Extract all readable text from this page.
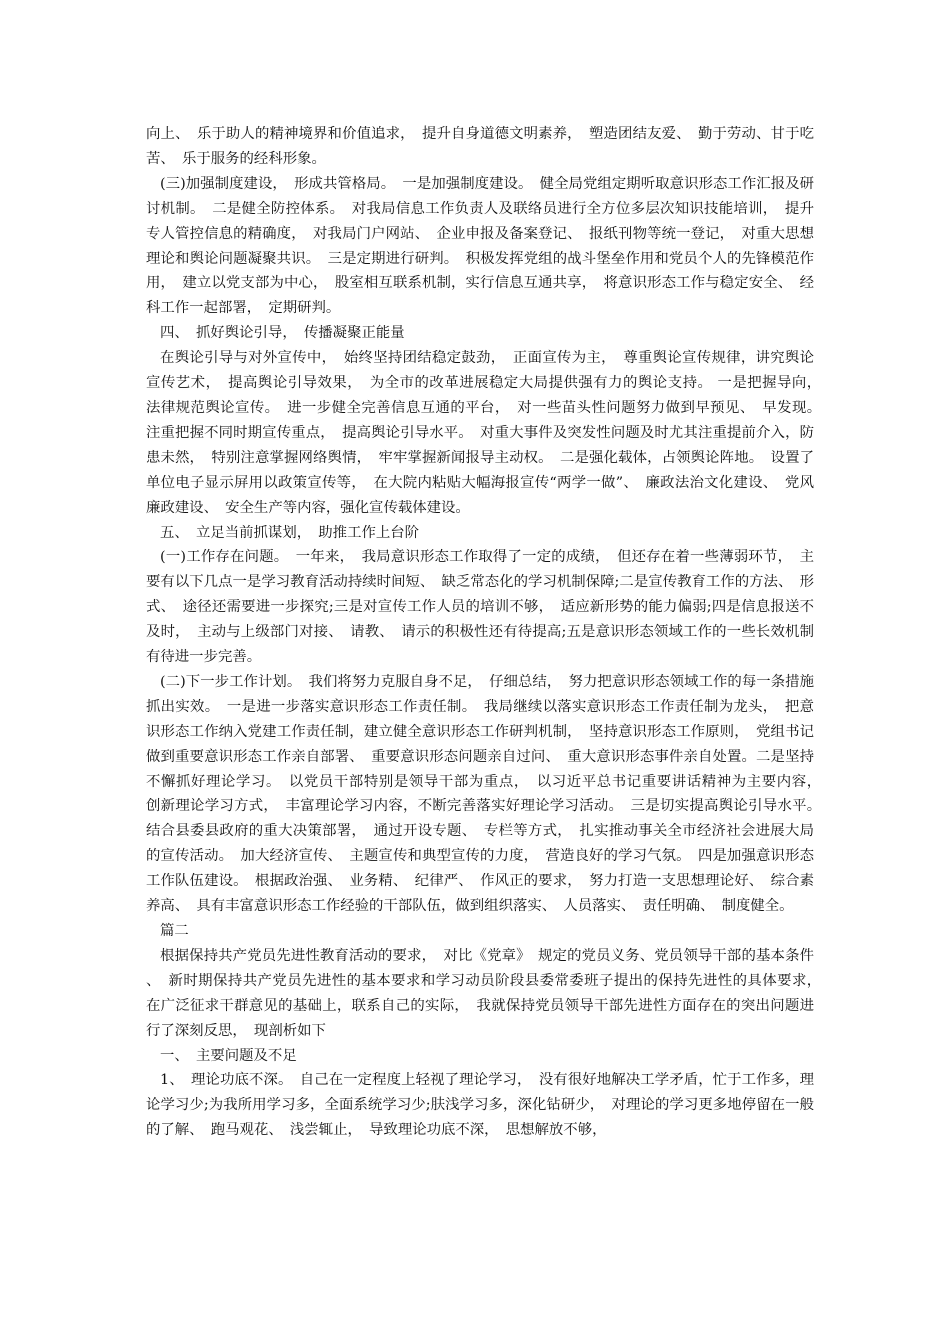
向上、　乐于助人的精神境界和价值追求，　提升自身道德文明素养，　塑造团结友爱、　勤于劳动、甘于吃苦、　乐于服务的经科形象。

(三)加强制度建设，　形成共管格局。　一是加强制度建设。　健全局党组定期听取意识形态工作汇报及研讨机制。　二是健全防控体系。　对我局信息工作负责人及联络员进行全方位多层次知识技能培训，　提升专人管控信息的精确度，　对我局门户网站、　企业申报及备案登记、　报纸刊物等统一登记，　对重大思想理论和舆论问题凝聚共识。　三是定期进行研判。　积极发挥党组的战斗堡垒作用和党员个人的先锋模范作用，　建立以党支部为中心，　股室相互联系机制，实行信息互通共享，　将意识形态工作与稳定安全、　经科工作一起部署，　定期研判。

四、　抓好舆论引导，　传播凝聚正能量

在舆论引导与对外宣传中，　始终坚持团结稳定鼓劲，　正面宣传为主，　尊重舆论宣传规律，讲究舆论宣传艺术，　提高舆论引导效果，　为全市的改革进展稳定大局提供强有力的舆论支持。 一是把握导向，　法律规范舆论宣传。　进一步健全完善信息互通的平台，　对一些苗头性问题努力做到早预见、　早发现。　注重把握不同时期宣传重点，　提高舆论引导水平。　对重大事件及突发性问题及时尤其注重提前介入，防患未然，　特别注意掌握网络舆情，　牢牢掌握新闻报导主动权。　二是强化载体，占领舆论阵地。　设置了单位电子显示屏用以政策宣传等，　在大院内粘贴大幅海报宣传“两学一做”、　廉政法治文化建设、　党风廉政建设、　安全生产等内容，强化宣传载体建设。

五、　立足当前抓谋划，　助推工作上台阶

(一)工作存在问题。　一年来，　我局意识形态工作取得了一定的成绩，　但还存在着一些薄弱环节，　主要有以下几点一是学习教育活动持续时间短、　缺乏常态化的学习机制保障;二是宣传教育工作的方法、　形式、　途径还需要进一步探究;三是对宣传工作人员的培训不够，　适应新形势的能力偏弱;四是信息报送不及时，　主动与上级部门对接、　请教、　请示的积极性还有待提高;五是意识形态领域工作的一些长效机制有待进一步完善。

(二)下一步工作计划。　我们将努力克服自身不足，　仔细总结，　努力把意识形态领域工作的每一条措施抓出实效。　一是进一步落实意识形态工作责任制。　我局继续以落实意识形态工作责任制为龙头，　把意识形态工作纳入党建工作责任制，建立健全意识形态工作研判机制，　坚持意识形态工作原则，　党组书记做到重要意识形态工作亲自部署、　重要意识形态问题亲自过问、　重大意识形态事件亲自处置。二是坚持不懈抓好理论学习。　以党员干部特别是领导干部为重点，　以习近平总书记重要讲话精神为主要内容，　创新理论学习方式，　丰富理论学习内容，不断完善落实好理论学习活动。　三是切实提高舆论引导水平。　结合县委县政府的重大决策部署，　通过开设专题、　专栏等方式，　扎实推动事关全市经济社会进展大局的宣传活动。　加大经济宣传、　主题宣传和典型宣传的力度，　营造良好的学习气氛。　四是加强意识形态工作队伍建设。　根据政治强、　业务精、　纪律严、　作风正的要求，　努力打造一支思想理论好、　综合素养高、　具有丰富意识形态工作经验的干部队伍，做到组织落实、　人员落实、　责任明确、　制度健全。

篇二

根据保持共产党员先进性教育活动的要求，　对比《党章》　规定的党员义务、党员领导干部的基本条件、　新时期保持共产党员先进性的基本要求和学习动员阶段县委常委班子提出的保持先进性的具体要求，　在广泛征求干群意见的基础上，联系自己的实际，　我就保持党员领导干部先进性方面存在的突出问题进行了深刻反思，　现剖析如下

一、　主要问题及不足

1、　理论功底不深。　自己在一定程度上轻视了理论学习，　没有很好地解决工学矛盾，忙于工作多，理论学习少;为我所用学习多，全面系统学习少;肤浅学习多，深化钻研少，　对理论的学习更多地停留在一般的了解、　跑马观花、　浅尝辄止，　导致理论功底不深，　思想解放不够，
